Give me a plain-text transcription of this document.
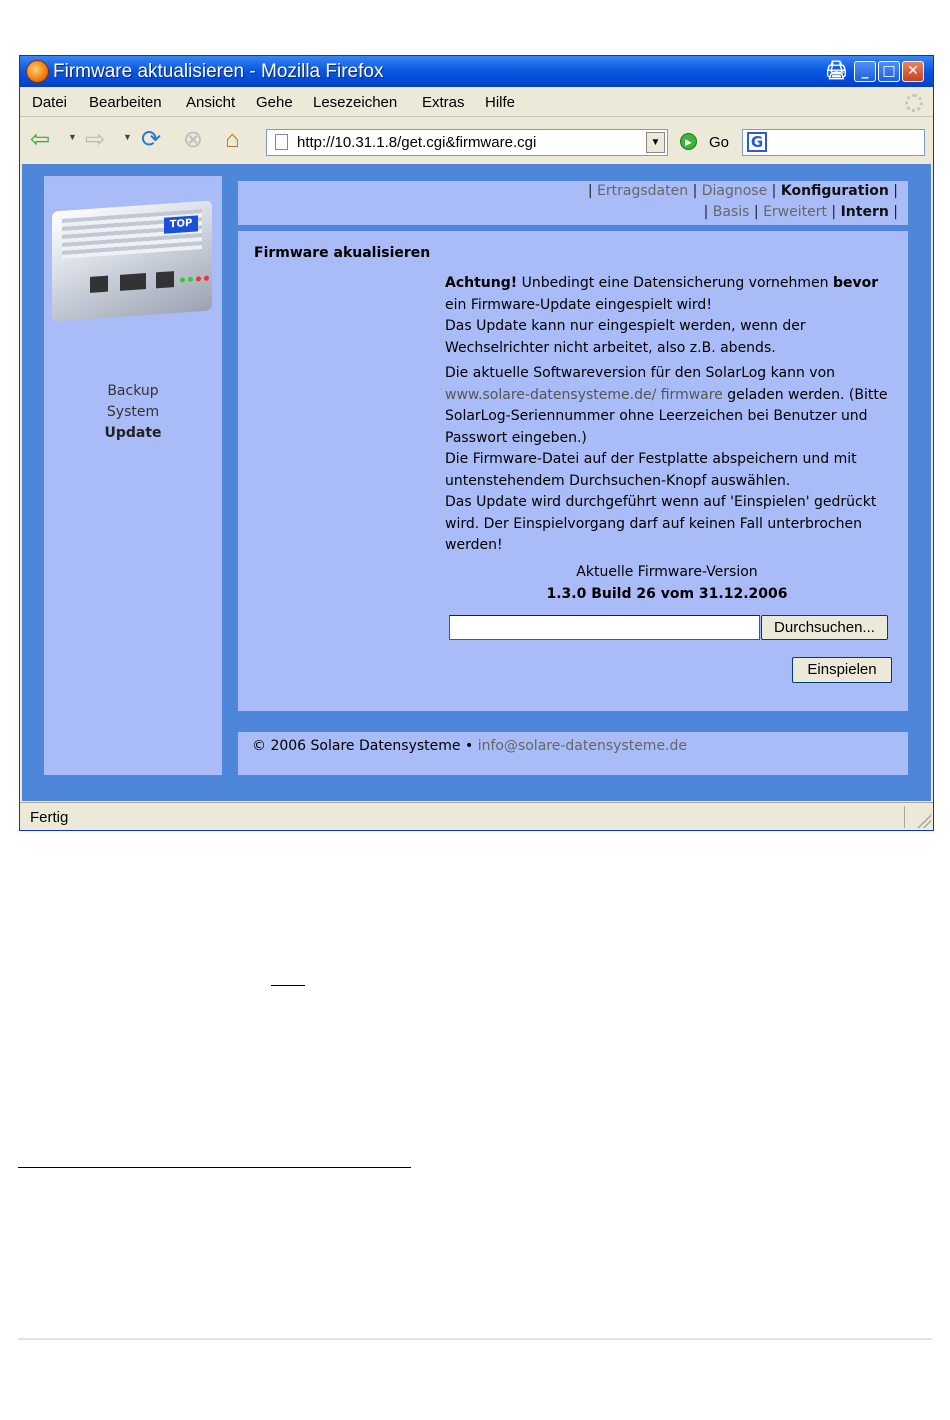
Firmware aktualisieren - Mozilla Firefox	🖨 _ □ ✕
Datei Bearbeiten Ansicht Gehe Lesezeichen Extras Hilfe
⇦ ▼ ⇨ ▼ ⟳ ⊗ ⌂	http://10.31.1.8/get.cgi&firmware.cgi	▼	▶	Go G
TOP
Backup
System
Update
| Ertragsdaten | Diagnose | Konfiguration |
| Basis | Erweitert | Intern |
Firmware akualisieren

Achtung! Unbedingt eine Datensicherung vornehmen bevor ein Firmware-Update eingespielt wird!
Das Update kann nur eingespielt werden, wenn der Wechselrichter nicht arbeitet, also z.B. abends.

Die aktuelle Softwareversion für den SolarLog kann von www.solare-datensysteme.de/ firmware geladen werden. (Bitte SolarLog-Seriennummer ohne Leerzeichen bei Benutzer und Passwort eingeben.)
Die Firmware-Datei auf der Festplatte abspeichern und mit untenstehendem Durchsuchen-Knopf auswählen.
Das Update wird durchgeführt wenn auf 'Einspielen' gedrückt wird. Der Einspielvorgang darf auf keinen Fall unterbrochen werden!

Aktuelle Firmware-Version
1.3.0 Build 26 vom 31.12.2006
Durchsuchen...
Einspielen
© 2006 Solare Datensysteme • info@solare-datensysteme.de
Fertig
